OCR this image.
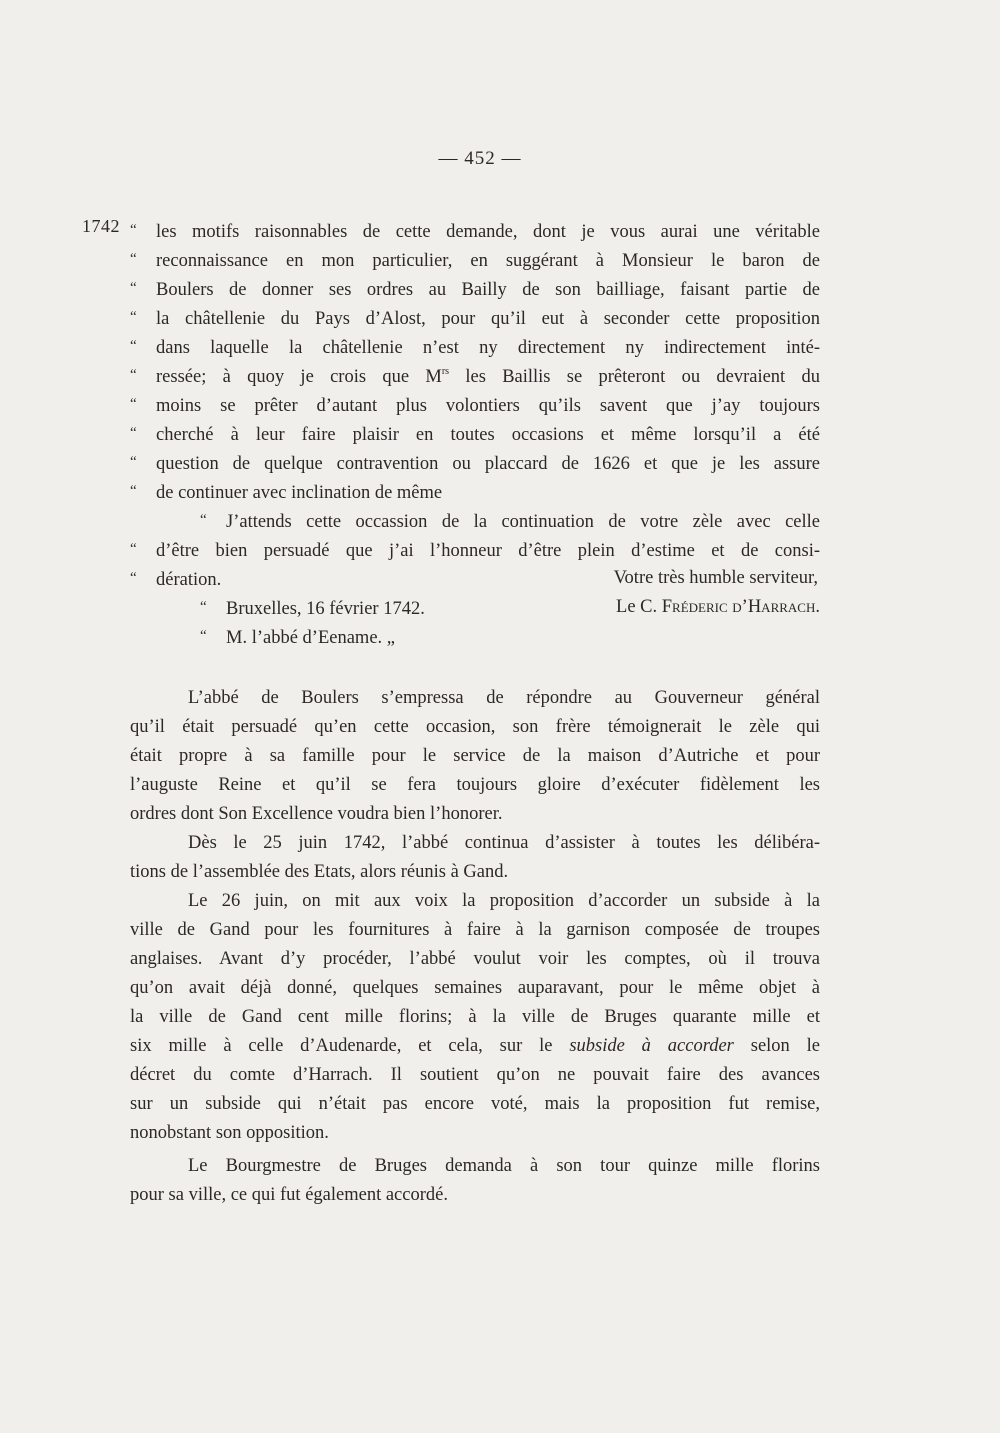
— 452 —
1742 “ les motifs raisonnables de cette demande, dont je vous aurai une véritable
“ reconnaissance en mon particulier, en suggérant à Monsieur le baron de
“ Boulers de donner ses ordres au Bailly de son bailliage, faisant partie de
“ la châtellenie du Pays d’Alost, pour qu’il eut à seconder cette proposition
“ dans laquelle la châtellenie n’est ny directement ny indirectement inté-
“ ressée; à quoy je crois que $M^{rs}$ les Baillis se prêteront ou devraient du
“ moins se prêter d’autant plus volontiers qu’ils savent que j’ay toujours
“ cherché à leur faire plaisir en toutes occasions et même lorsqu’il a été
“ question de quelque contravention ou placcard de 1626 et que je les assure
“ de continuer avec inclination de même
“ J’attends cette occassion de la continuation de votre zèle avec celle
“ d’être bien persuadé que j’ai l’honneur d’être plein d’estime et de consi-
“ dération.	Votre très humble serviteur,
“ Bruxelles, 16 février 1742.	Le C. Fréderic d’Harrach.
“ M. l’abbé d’Eename. „
L’abbé de Boulers s’empressa de répondre au Gouverneur général
qu’il était persuadé qu’en cette occasion, son frère témoignerait le zèle qui
était propre à sa famille pour le service de la maison d’Autriche et pour
l’auguste Reine et qu’il se fera toujours gloire d’exécuter fidèlement les
ordres dont Son Excellence voudra bien l’honorer.
Dès le 25 juin 1742, l’abbé continua d’assister à toutes les délibéra-
tions de l’assemblée des Etats, alors réunis à Gand.
Le 26 juin, on mit aux voix la proposition d’accorder un subside à la
ville de Gand pour les fournitures à faire à la garnison composée de troupes
anglaises. Avant d’y procéder, l’abbé voulut voir les comptes, où il trouva
qu’on avait déjà donné, quelques semaines auparavant, pour le même objet à
la ville de Gand cent mille florins; à la ville de Bruges quarante mille et
six mille à celle d’Audenarde, et cela, sur le subside à accorder selon le
décret du comte d’Harrach. Il soutient qu’on ne pouvait faire des avances
sur un subside qui n’était pas encore voté, mais la proposition fut remise,
nonobstant son opposition.
Le Bourgmestre de Bruges demanda à son tour quinze mille florins
pour sa ville, ce qui fut également accordé.
